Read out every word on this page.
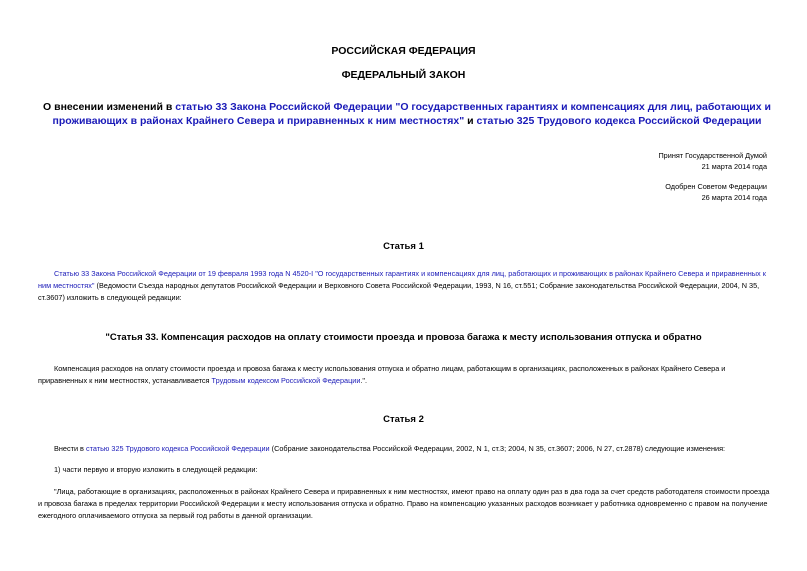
РОССИЙСКАЯ ФЕДЕРАЦИЯ
ФЕДЕРАЛЬНЫЙ ЗАКОН
О внесении изменений в статью 33 Закона Российской Федерации "О государственных гарантиях и компенсациях для лиц, работающих и проживающих в районах Крайнего Севера и приравненных к ним местностях" и статью 325 Трудового кодекса Российской Федерации
Принят Государственной Думой
21 марта 2014 года
Одобрен Советом Федерации
26 марта 2014 года
Статья 1
Статью 33 Закона Российской Федерации от 19 февраля 1993 года N 4520-I "О государственных гарантиях и компенсациях для лиц, работающих и проживающих в районах Крайнего Севера и приравненных к ним местностях" (Ведомости Съезда народных депутатов Российской Федерации и Верховного Совета Российской Федерации, 1993, N 16, ст.551; Собрание законодательства Российской Федерации, 2004, N 35, ст.3607) изложить в следующей редакции:
"Статья 33. Компенсация расходов на оплату стоимости проезда и провоза багажа к месту использования отпуска и обратно
Компенсация расходов на оплату стоимости проезда и провоза багажа к месту использования отпуска и обратно лицам, работающим в организациях, расположенных в районах Крайнего Севера и приравненных к ним местностях, устанавливается Трудовым кодексом Российской Федерации.".
Статья 2
Внести в статью 325 Трудового кодекса Российской Федерации (Собрание законодательства Российской Федерации, 2002, N 1, ст.3; 2004, N 35, ст.3607; 2006, N 27, ст.2878) следующие изменения:
1) части первую и вторую изложить в следующей редакции:
"Лица, работающие в организациях, расположенных в районах Крайнего Севера и приравненных к ним местностях, имеют право на оплату один раз в два года за счет средств работодателя стоимости проезда и провоза багажа в пределах территории Российской Федерации к месту использования отпуска и обратно. Право на компенсацию указанных расходов возникает у работника одновременно с правом на получение ежегодного оплачиваемого отпуска за первый год работы в данной организации.
